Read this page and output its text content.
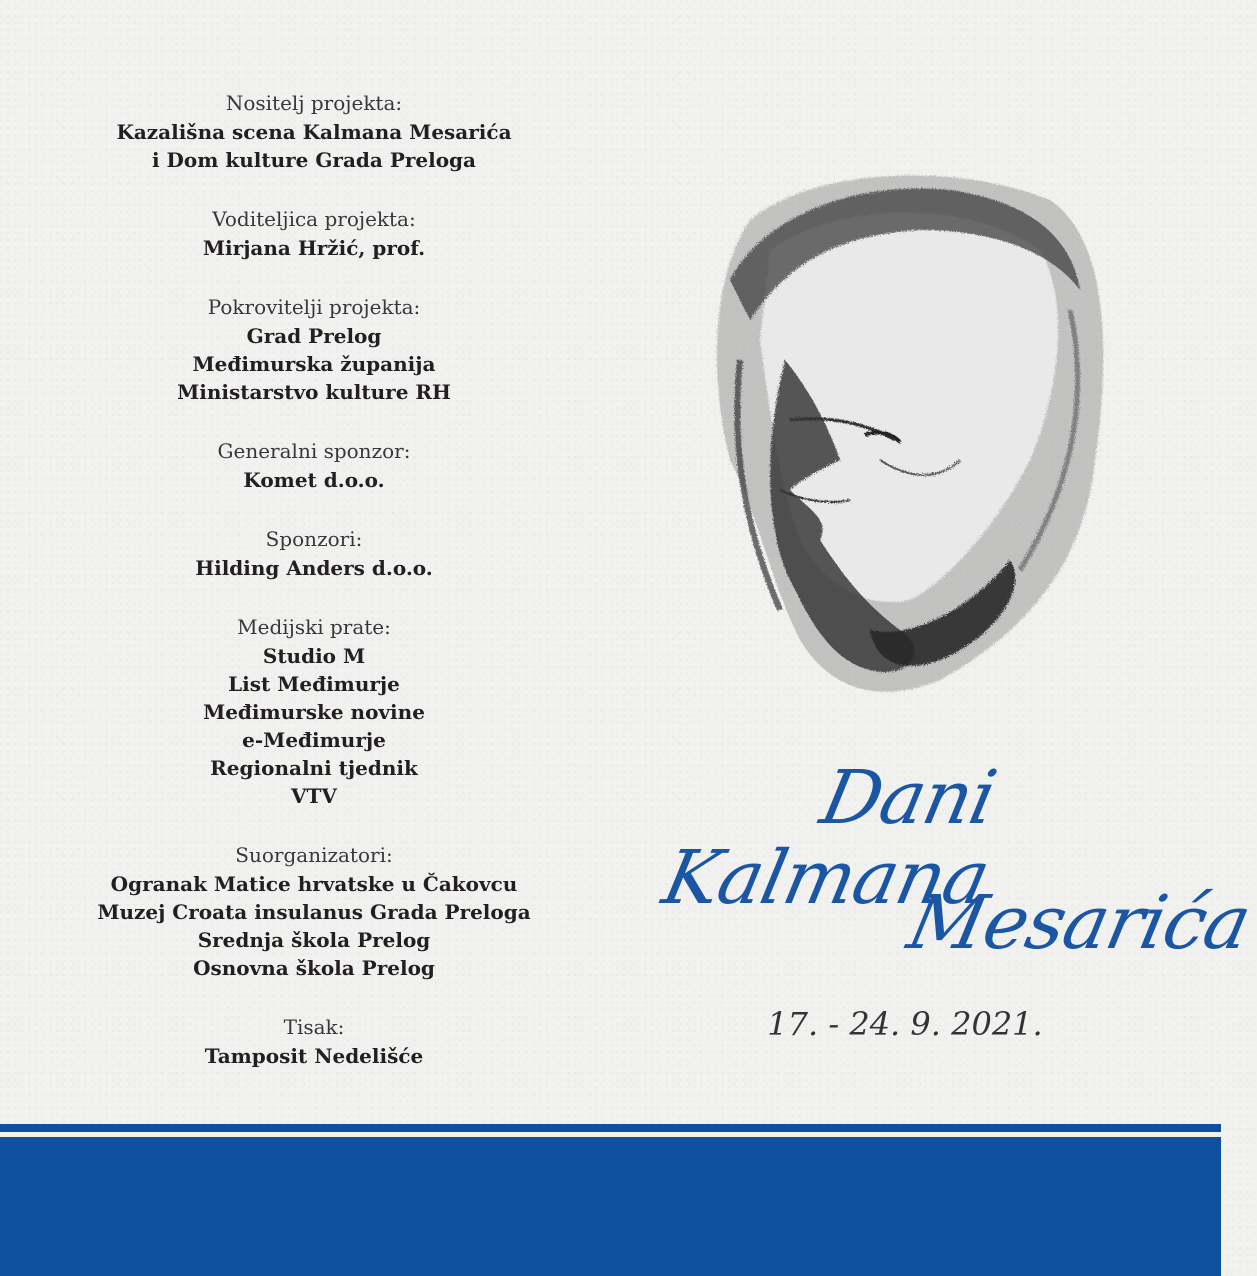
Nositelj projekta:
Kazališna scena Kalmana Mesarića
i Dom kulture Grada Preloga
Voditeljica projekta:
Mirjana Hržić, prof.
Pokrovitelji projekta:
Grad Prelog
Međimurska županija
Ministarstvo kulture RH
Generalni sponzor:
Komet d.o.o.
Sponzori:
Hilding Anders d.o.o.
Medijski prate:
Studio M
List Međimurje
Međimurske novine
e-Međimurje
Regionalni tjednik
VTV
Suorganizatori:
Ogranak Matice hrvatske u Čakovcu
Muzej Croata insulanus Grada Preloga
Srednja škola Prelog
Osnovna škola Prelog
Tisak:
Tamposit Nedelišće
Dani
Kalmana
Mesarića
17. - 24. 9. 2021.
